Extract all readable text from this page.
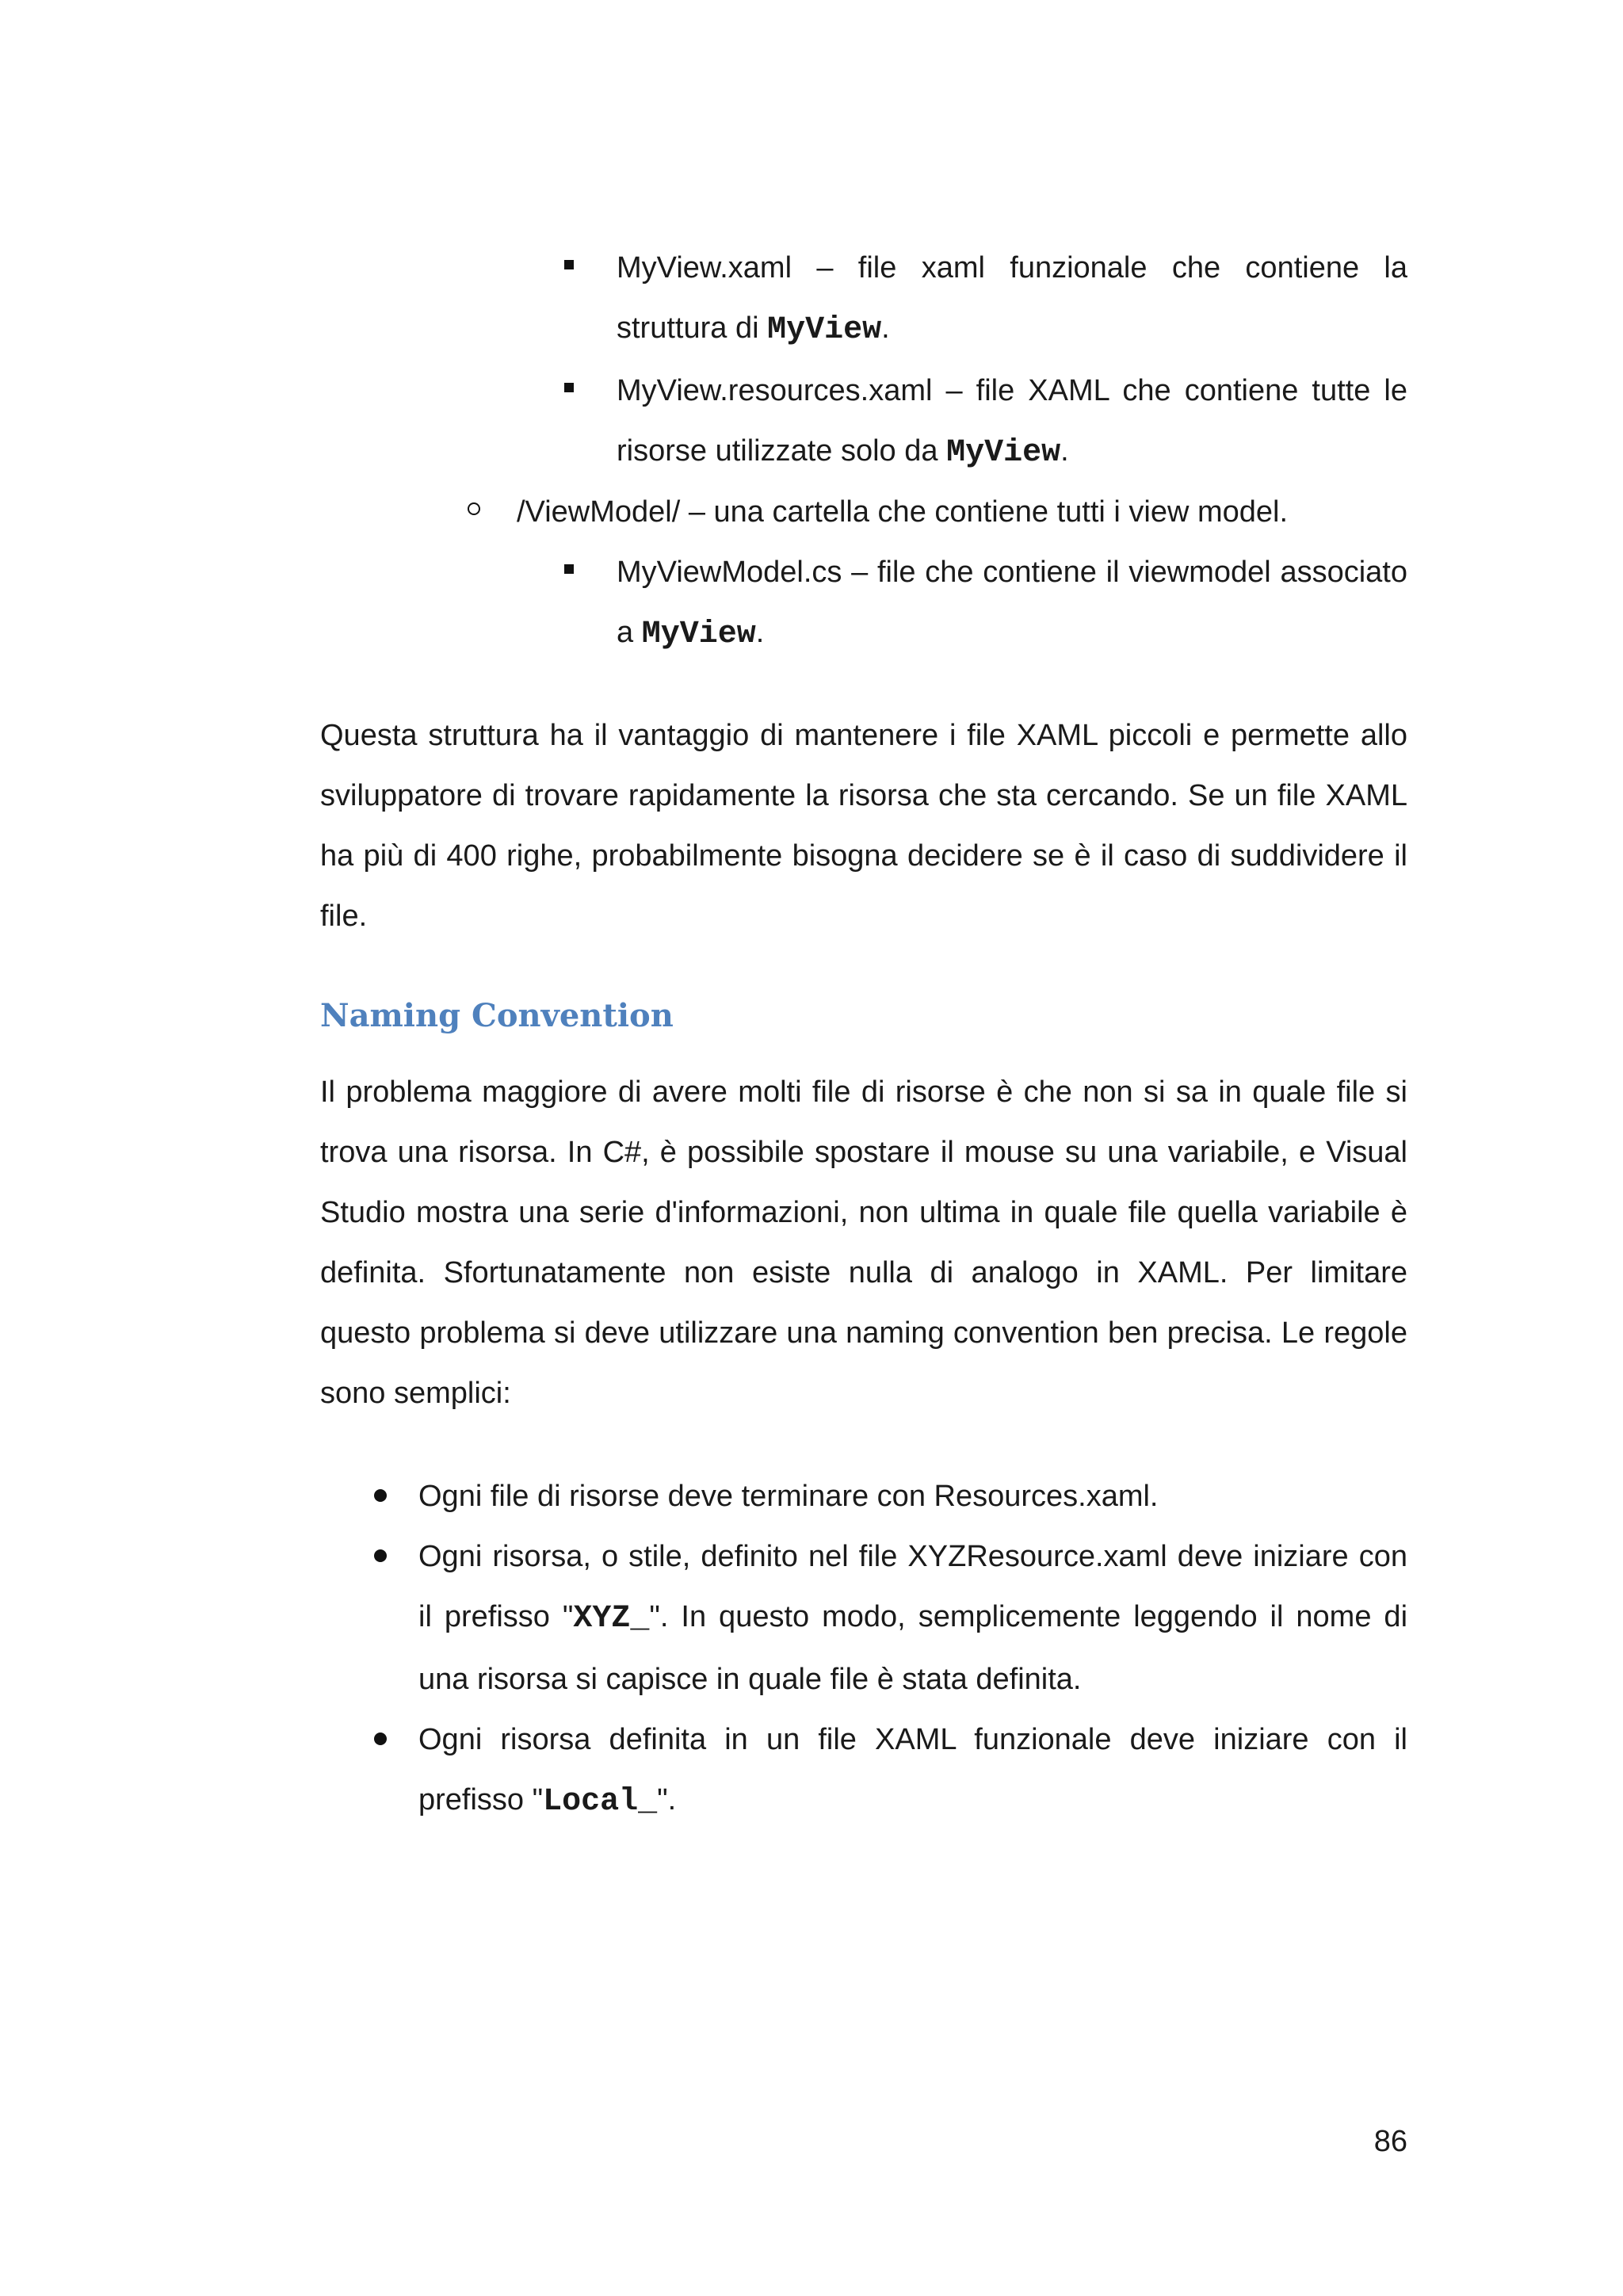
MyView.xaml – file xaml funzionale che contiene la struttura di MyView.
MyView.resources.xaml – file XAML che contiene tutte le risorse utilizzate solo da MyView.
/ViewModel/ – una cartella che contiene tutti i view model.
MyViewModel.cs – file che contiene il viewmodel associato a MyView.

Questa struttura ha il vantaggio di mantenere i file XAML piccoli e permette allo sviluppatore di trovare rapidamente la risorsa che sta cercando. Se un file XAML ha più di 400 righe, probabilmente bisogna decidere se è il caso di suddividere il file.

Naming Convention

Il problema maggiore di avere molti file di risorse è che non si sa in quale file si trova una risorsa. In C#, è possibile spostare il mouse su una variabile, e Visual Studio mostra una serie d'informazioni, non ultima in quale file quella variabile è definita. Sfortunatamente non esiste nulla di analogo in XAML. Per limitare questo problema si deve utilizzare una naming convention ben precisa. Le regole sono semplici:

Ogni file di risorse deve terminare con Resources.xaml.
Ogni risorsa, o stile, definito nel file XYZResource.xaml deve iniziare con il prefisso "XYZ_". In questo modo, semplicemente leggendo il nome di una risorsa si capisce in quale file è stata definita.
Ogni risorsa definita in un file XAML funzionale deve iniziare con il prefisso "Local_".
86
